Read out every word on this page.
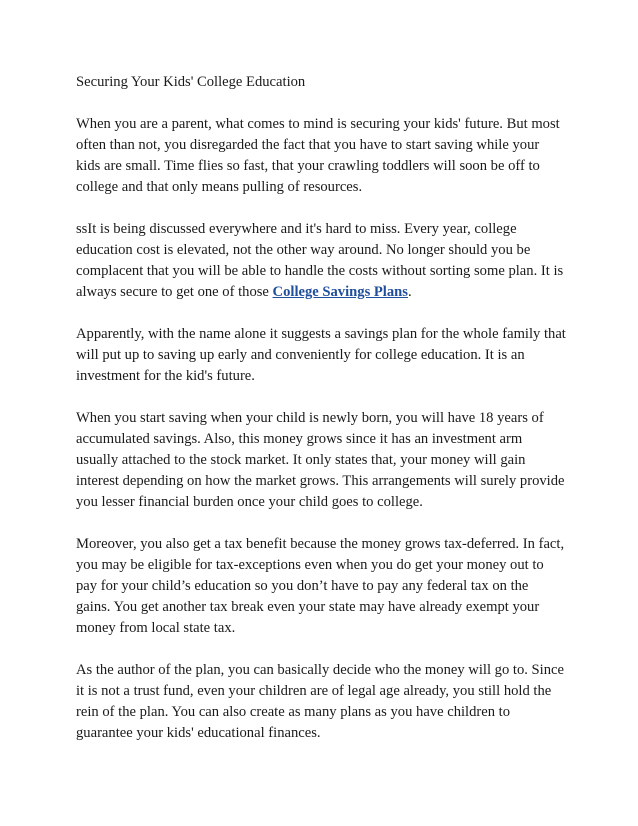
Securing Your Kids' College Education

When you are a parent, what comes to mind is securing your kids' future. But most often than not, you disregarded the fact that you have to start saving while your kids are small. Time flies so fast, that your crawling toddlers will soon be off to college and that only means pulling of resources.

ssIt is being discussed everywhere and it's hard to miss. Every year, college education cost is elevated, not the other way around. No longer should you be complacent that you will be able to handle the costs without sorting some plan. It is always secure to get one of those College Savings Plans.

Apparently, with the name alone it suggests a savings plan for the whole family that will put up to saving up early and conveniently for college education. It is an investment for the kid's future.

When you start saving when your child is newly born, you will have 18 years of accumulated savings. Also, this money grows since it has an investment arm usually attached to the stock market. It only states that, your money will gain interest depending on how the market grows. This arrangements will surely provide you lesser financial burden once your child goes to college.

Moreover, you also get a tax benefit because the money grows tax-deferred. In fact, you may be eligible for tax-exceptions even when you do get your money out to pay for your child’s education so you don’t have to pay any federal tax on the gains. You get another tax break even your state may have already exempt your money from local state tax.

As the author of the plan, you can basically decide who the money will go to. Since it is not a trust fund, even your children are of legal age already, you still hold the rein of the plan. You can also create as many plans as you have children to guarantee your kids' educational finances.
